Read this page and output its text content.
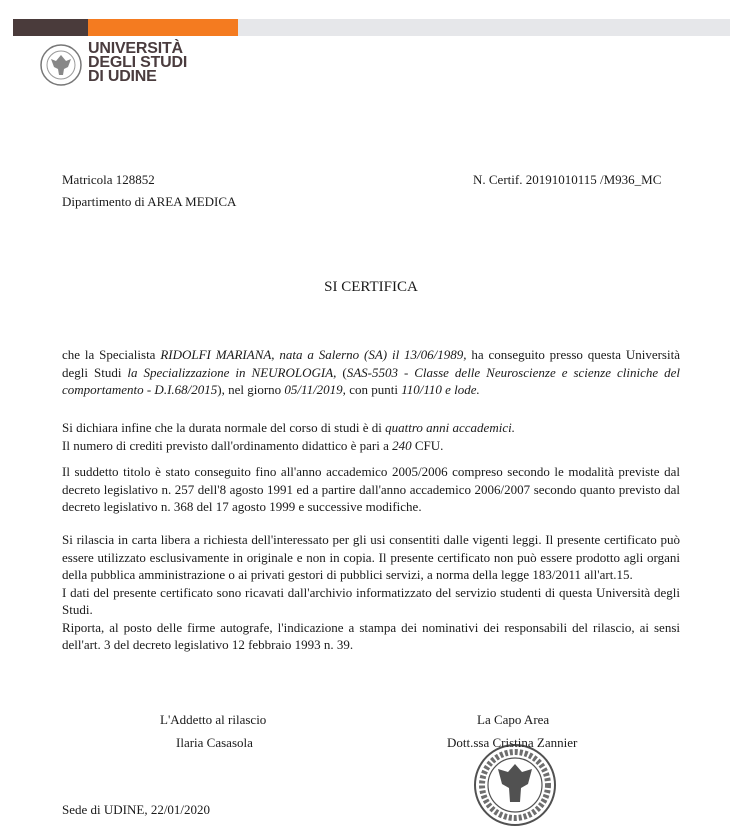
UNIVERSITÀ
DEGLI STUDI
DI UDINE
Matricola 128852
Dipartimento di AREA MEDICA
N. Certif. 20191010115 /M936_MC
SI CERTIFICA
che la Specialista RIDOLFI MARIANA, nata a Salerno (SA) il 13/06/1989, ha conseguito presso questa Università degli Studi la Specializzazione in NEUROLOGIA, (SAS-5503 - Classe delle Neuroscienze e scienze cliniche del comportamento - D.I.68/2015), nel giorno 05/11/2019, con punti 110/110 e lode.
Si dichiara infine che la durata normale del corso di studi è di quattro anni accademici.
Il numero di crediti previsto dall'ordinamento didattico è pari a 240 CFU.
Il suddetto titolo è stato conseguito fino all'anno accademico 2005/2006 compreso secondo le modalità previste dal decreto legislativo n. 257 dell'8 agosto 1991 ed a partire dall'anno accademico 2006/2007 secondo quanto previsto dal decreto legislativo n. 368 del 17 agosto 1999 e successive modifiche.
Si rilascia in carta libera a richiesta dell'interessato per gli usi consentiti dalle vigenti leggi. Il presente certificato può essere utilizzato esclusivamente in originale e non in copia. Il presente certificato non può essere prodotto agli organi della pubblica amministrazione o ai privati gestori di pubblici servizi, a norma della legge 183/2011 all'art.15.
I dati del presente certificato sono ricavati dall'archivio informatizzato del servizio studenti di questa Università degli Studi.
Riporta, al posto delle firme autografe, l'indicazione a stampa dei nominativi dei responsabili del rilascio, ai sensi dell'art. 3 del decreto legislativo 12 febbraio 1993 n. 39.
L'Addetto al rilascio
Ilaria Casasola
La Capo Area
Dott.ssa Cristina Zannier
Sede di UDINE, 22/01/2020
